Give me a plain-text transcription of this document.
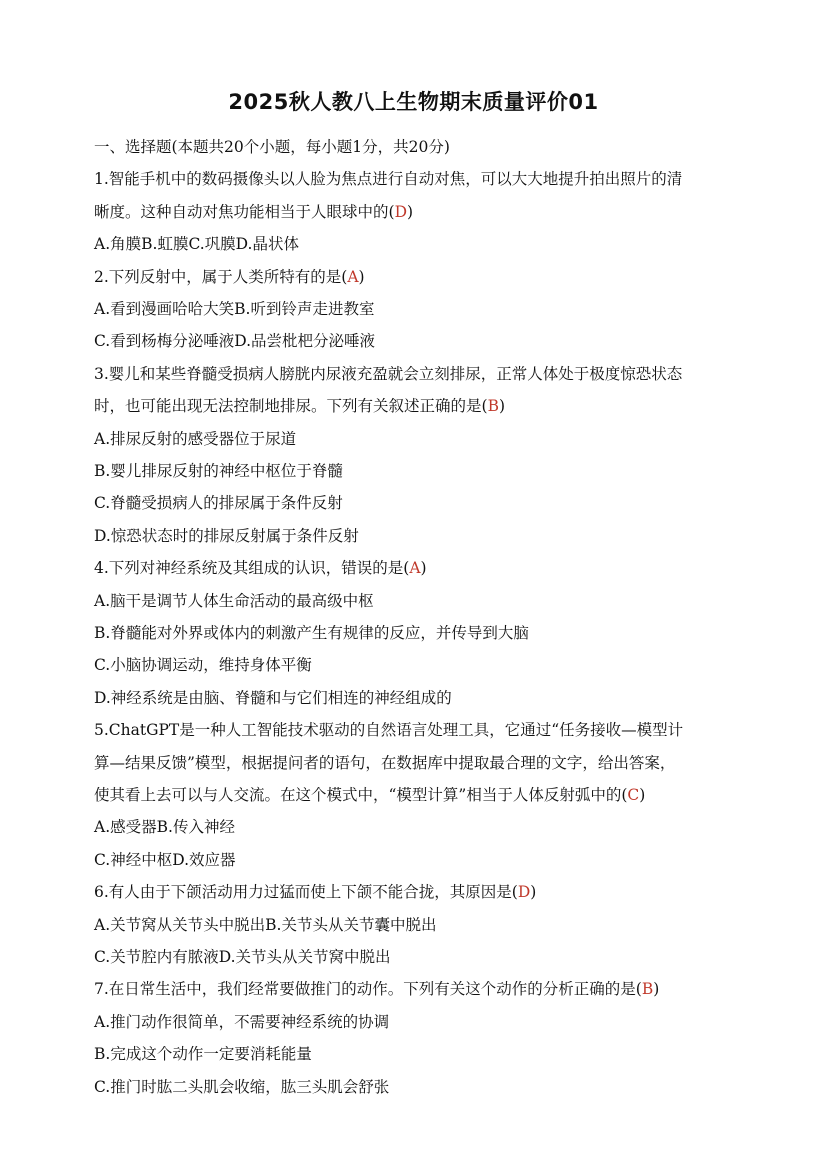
2025秋人教八上生物期末质量评价01
一、选择题(本题共20个小题，每小题1分，共20分)
1.智能手机中的数码摄像头以人脸为焦点进行自动对焦，可以大大地提升拍出照片的清
晰度。这种自动对焦功能相当于人眼球中的(D)
A.角膜B.虹膜C.巩膜D.晶状体
2.下列反射中，属于人类所特有的是(A)
A.看到漫画哈哈大笑B.听到铃声走进教室
C.看到杨梅分泌唾液D.品尝枇杷分泌唾液
3.婴儿和某些脊髓受损病人膀胱内尿液充盈就会立刻排尿，正常人体处于极度惊恐状态
时，也可能出现无法控制地排尿。下列有关叙述正确的是(B)
A.排尿反射的感受器位于尿道
B.婴儿排尿反射的神经中枢位于脊髓
C.脊髓受损病人的排尿属于条件反射
D.惊恐状态时的排尿反射属于条件反射
4.下列对神经系统及其组成的认识，错误的是(A)
A.脑干是调节人体生命活动的最高级中枢
B.脊髓能对外界或体内的刺激产生有规律的反应，并传导到大脑
C.小脑协调运动，维持身体平衡
D.神经系统是由脑、脊髓和与它们相连的神经组成的
5.ChatGPT是一种人工智能技术驱动的自然语言处理工具，它通过“任务接收—模型计
算—结果反馈”模型，根据提问者的语句，在数据库中提取最合理的文字，给出答案，
使其看上去可以与人交流。在这个模式中，“模型计算”相当于人体反射弧中的(C)
A.感受器B.传入神经
C.神经中枢D.效应器
6.有人由于下颌活动用力过猛而使上下颌不能合拢，其原因是(D)
A.关节窝从关节头中脱出B.关节头从关节囊中脱出
C.关节腔内有脓液D.关节头从关节窝中脱出
7.在日常生活中，我们经常要做推门的动作。下列有关这个动作的分析正确的是(B)
A.推门动作很简单，不需要神经系统的协调
B.完成这个动作一定要消耗能量
C.推门时肱二头肌会收缩，肱三头肌会舒张
